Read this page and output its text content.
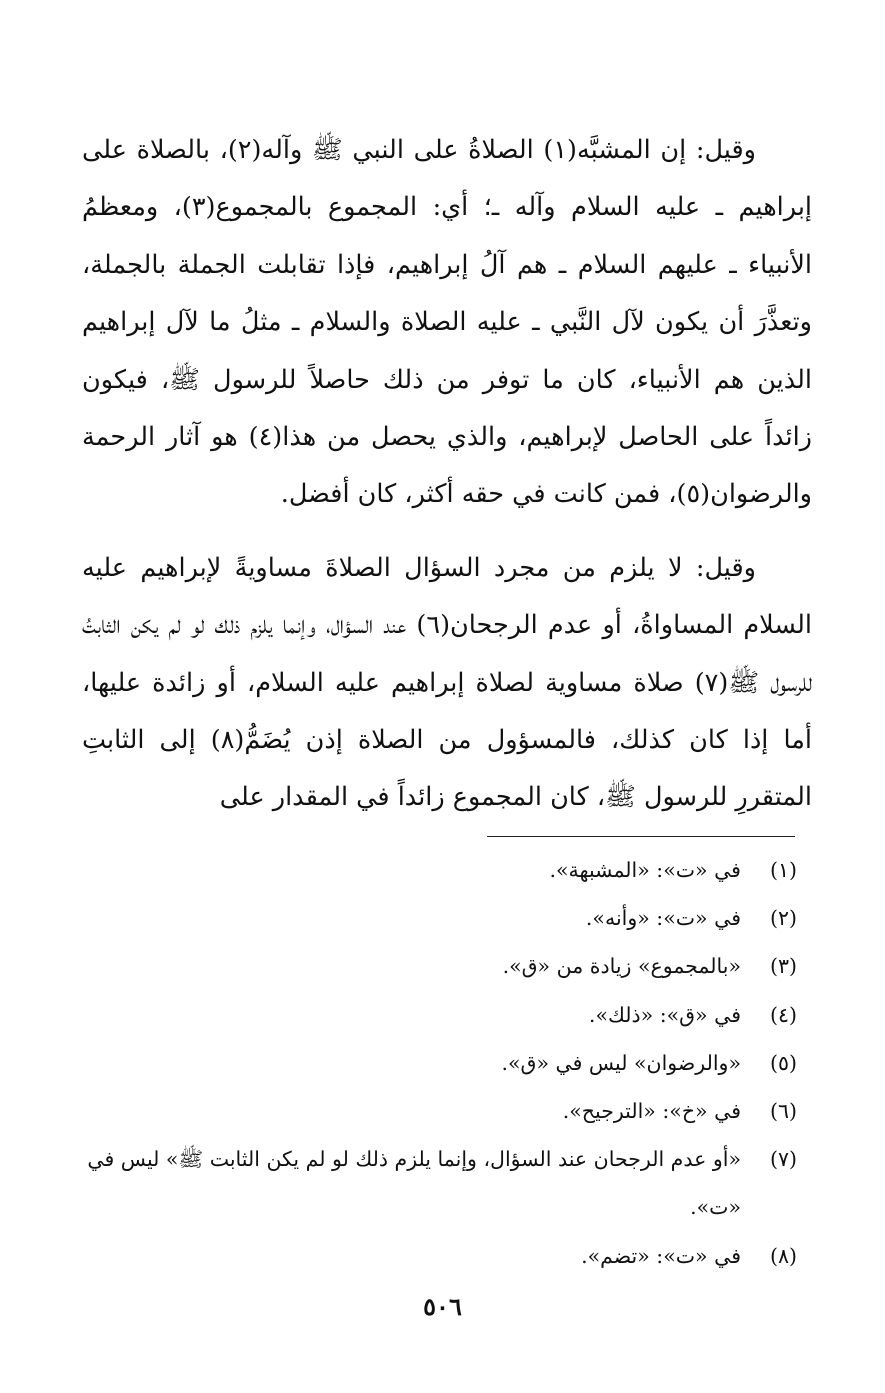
وقيل: إن المشبَّه(١) الصلاةُ على النبي ﷺ وآله(٢)، بالصلاة على إبراهيم ـ عليه السلام وآله ـ؛ أي: المجموع بالمجموع(٣)، ومعظمُ الأنبياء ـ عليهم السلام ـ هم آلُ إبراهيم، فإذا تقابلت الجملة بالجملة، وتعذَّرَ أن يكون لآل النَّبي ـ عليه الصلاة والسلام ـ مثلُ ما لآل إبراهيم الذين هم الأنبياء، كان ما توفر من ذلك حاصلاً للرسول ﷺ، فيكون زائداً على الحاصل لإبراهيم، والذي يحصل من هذا(٤) هو آثار الرحمة والرضوان(٥)، فمن كانت في حقه أكثر، كان أفضل.

وقيل: لا يلزم من مجرد السؤال الصلاةَ مساويةً لإبراهيم عليه السلام المساواةُ، أو عدم الرجحان(٦) عند السؤال، وإنما يلزم ذلك لو لم يكن الثابتُ للرسول ﷺ(٧) صلاة مساوية لصلاة إبراهيم عليه السلام، أو زائدة عليها، أما إذا كان كذلك، فالمسؤول من الصلاة إذن يُضَمُّ(٨) إلى الثابتِ المتقررِ للرسول ﷺ، كان المجموع زائداً في المقدار على

(١)
في «ت»: «المشبهة».
(٢)
في «ت»: «وأنه».
(٣)
«بالمجموع» زيادة من «ق».
(٤)
في «ق»: «ذلك».
(٥)
«والرضوان» ليس في «ق».
(٦)
في «خ»: «الترجيح».
(٧)
«أو عدم الرجحان عند السؤال، وإنما يلزم ذلك لو لم يكن الثابت ﷺ» ليس في «ت».
(٨)
في «ت»: «تضم».
٥٠٦
